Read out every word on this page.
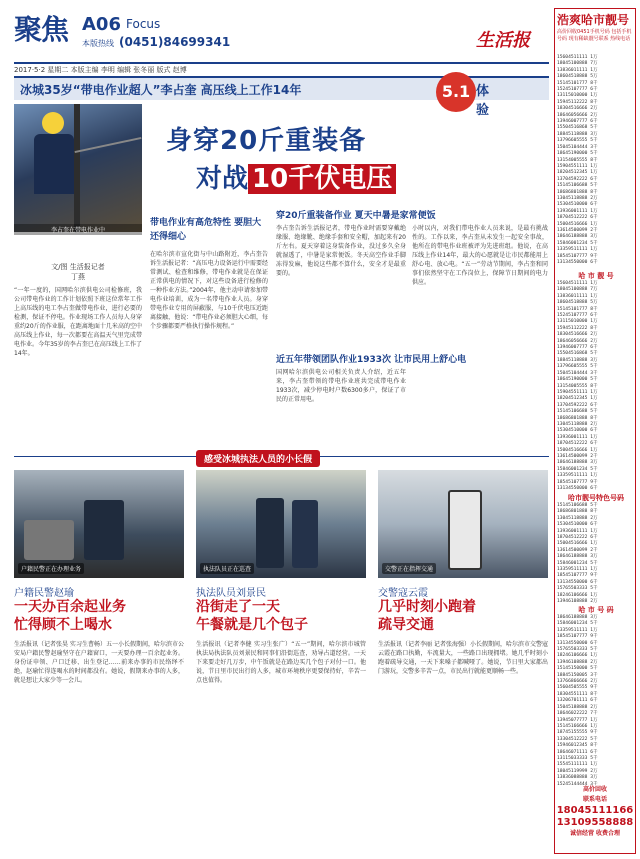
聚焦 A06 Focus
本版热线 (0451)84699341	生活报
2017·5·2 星期二 本版主编 李明 编辑 张冬丽 版式 赵博
冰城35岁“带电作业超人”李占奎 高压线上工作14年	5.1 体验
李占奎在带电作业中
身穿20斤重装备
对战 10千伏电压
文/图 生活报记者
丁燕
“一年一度的，国网哈尔滨供电公司检修班，我公司带电作业的工作计划依照下班这位常年工作上高压线的电工李占奎做带电作业，进行必要的检测，保证不停电。作业现场工作人员每人身穿重约20斤的作业服，在距离地面十几米高的空中高压线上作业，每一次都要在高温天气里完成带电作业。今年35岁的李占奎已在高压线上工作了14年。
带电作业有高危特性 要胆大还得细心
在哈尔滨市宣化街与中山路附近，李占奎告诉生活报记者：“高压电力设备运行中需要经常测试、检查和维修，带电作业就是在保证正常供电的情况下，对这些设备进行检修的一种作业方法。”2004年，他主动申请参加带电作业培训，成为一名带电作业人员。身穿带电作业专用的屏蔽服，与10千伏电压近距离接触，他说：“带电作业必须胆大心细，每个步骤都要严格执行操作规程。”
穿20斤重装备作业 夏天中暑是家常便饭
李占奎告诉生活报记者，带电作业时需要穿戴绝缘服、绝缘靴、绝缘手套和安全帽，加起来有20斤左右。夏天穿着这身装备作业，没过多久全身就湿透了，中暑是家常便饭。冬天高空作业手脚冻得发麻，他说这些都不算什么，安全才是最重要的。
近五年带领团队作业1933次 让市民用上舒心电
国网哈尔滨供电公司相关负责人介绍，近五年来，李占奎带领的带电作业班共完成带电作业1933次，减少停电时户数6300多户，保证了市民的正常用电。
小时以内，对我们带电作业人员来说，是最有挑战性的。工作以来，李占奎从未发生一起安全事故，他所在的带电作业班被评为先进班组。他说，在高压线上作业14年，最大的心愿就是让市民都能用上舒心电、放心电。“五一”劳动节期间，李占奎和同事们依然坚守在工作岗位上，保障节日期间的电力供应。
感受冰城执法人员的小长假
户籍民警正在办理业务	执法队员正在巡查	交警正在指挥交通
户籍民警赵瑜
一天办百余起业务
忙得顾不上喝水
生活报讯（记者张昊 实习生曹畅）五一小长假期间，哈尔滨市公安局户籍民警赵瑜坚守在户籍窗口，一天要办理一百余起业务。身份证申领、户口迁移、出生登记……前来办事的市民络绎不绝，赵瑜忙得连喝水的时间都没有。她说，假期来办事的人多，就是想让大家少等一会儿。
执法队员刘景民
沿街走了一天
午餐就是几个包子
生活报讯（记者李健 实习生张广）“五一”期间，哈尔滨市城管执法局执法队员刘景民和同事们沿街巡查，劝导占道经营。一天下来要走好几万步，中午饭就是在路边买几个包子对付一口。他说，节日里市民出行的人多，城市环境秩序更要保持好，辛苦一点也值得。
交警寇云霞
几乎时刻小跑着
疏导交通
生活报讯（记者李丽 记者张海强）小长假期间，哈尔滨市交警寇云霞在路口执勤，车流量大，一些路口出现拥堵。她几乎时刻小跑着疏导交通，一天下来嗓子都喊哑了。她说，节日里大家都出门游玩，交警多辛苦一点，市民出行就能更顺畅一些。
浩爽哈市靓号
高价回收0451手机号码 包括手机号码 现有稀缺靓号联系 热线电话
15604511111 1万
18045100888 7万
13836011111 1万
18604518888 5万
15145101777 8千
15245107777 6千
13115010000 1万
15945112222 8千
18304516666 2万
18646056666 2万
13946007777 6千
15504516868 5千
18845118888 3万
13796605555 5千
15045104444 3千
18645190000 5千
13154005555 8千
15904551111 1万
18204512345 1万
13704592222 6千
15145106688 5千
18686801888 8千
13045118888 2万
15304510000 6千
13936001111 1万
18704512222 6千
15004516666 1万
13614500099 2千
18646188888 3万
15846001234 5千
13359511111 1万
18545107777 9千
13134550000 6千
哈 市 靓 号
15604511111 1万
18045100888 7万
13836011111 1万
18604518888 5万
15145101777 8千
15245107777 6千
13115010000 1万
15945112222 8千
18304516666 2万
18646056666 2万
13946007777 6千
15504516868 5千
18845118888 3万
13796605555 5千
15045104444 3千
18645190000 5千
13154005555 8千
15904551111 1万
18204512345 1万
13704592222 6千
15145106688 5千
18686801888 8千
13045118888 2万
15304510000 6千
13936001111 1万
18704512222 6千
15004516666 1万
13614500099 2千
18646188888 3万
15846001234 5千
13359511111 1万
18545107777 9千
13134550000 6千
哈市靓号特色号码
15145106688 5千
18686801888 8千
13045118888 2万
15304510000 6千
13936001111 1万
18704512222 6千
15004516666 1万
13614500099 2千
18646188888 3万
15846001234 5千
13359511111 1万
18545107777 9千
13134550000 6千
15765503333 5千
18246106666 1万
13946108888 2万
哈 市 号 码
18646188888 3万
15846001234 5千
13359511111 1万
18545107777 9千
13134550000 6千
15765503333 5千
18246106666 1万
13946108888 2万
15145150000 5千
18845150005 3千
13766866666 2万
15604505555 9千
18304551111 8千
13206701111 6千
15045188888 2万
18646022222 7千
13945077777 1万
15145166666 1万
18745155555 9千
13304512222 5千
15946012345 8千
18646071111 6千
13115033333 5千
15545111111 1万
18045119999 2万
13836088888 3万
高价回收
联系电话
18045111166
13109558888
诚信经营 收费合理
